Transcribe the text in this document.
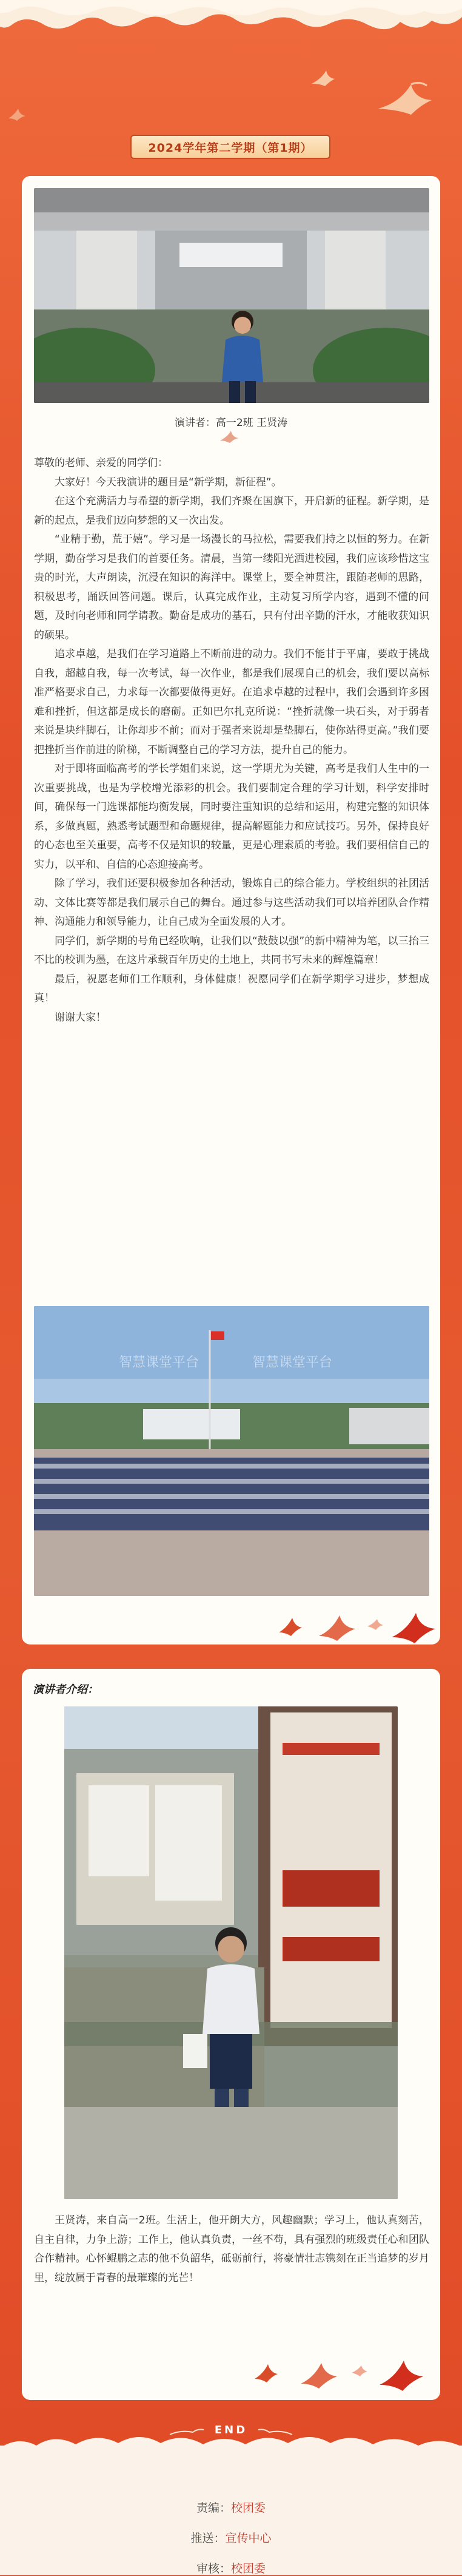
2024学年第二学期（第1期）
演讲者：高一2班 王贤涛

尊敬的老师、亲爱的同学们：

大家好！今天我演讲的题目是“新学期，新征程”。

在这个充满活力与希望的新学期，我们齐聚在国旗下，开启新的征程。新学期，是新的起点，是我们迈向梦想的又一次出发。

“业精于勤，荒于嬉”。学习是一场漫长的马拉松，需要我们持之以恒的努力。在新学期，勤奋学习是我们的首要任务。清晨，当第一缕阳光洒进校园，我们应该珍惜这宝贵的时光，大声朗读，沉浸在知识的海洋中。课堂上，要全神贯注，跟随老师的思路，积极思考，踊跃回答问题。课后，认真完成作业，主动复习所学内容，遇到不懂的问题，及时向老师和同学请教。勤奋是成功的基石，只有付出辛勤的汗水，才能收获知识的硕果。

追求卓越，是我们在学习道路上不断前进的动力。我们不能甘于平庸，要敢于挑战自我，超越自我，每一次考试，每一次作业，都是我们展现自己的机会，我们要以高标准严格要求自己，力求每一次都要做得更好。在追求卓越的过程中，我们会遇到许多困难和挫折，但这都是成长的磨砺。正如巴尔扎克所说：“挫折就像一块石头，对于弱者来说是块绊脚石，让你却步不前；而对于强者来说却是垫脚石，使你站得更高。”我们要把挫折当作前进的阶梯，不断调整自己的学习方法，提升自己的能力。

对于即将面临高考的学长学姐们来说，这一学期尤为关键，高考是我们人生中的一次重要挑战，也是为学校增光添彩的机会。我们要制定合理的学习计划，科学安排时间，确保每一门选课都能均衡发展，同时要注重知识的总结和运用，构建完整的知识体系，多做真题，熟悉考试题型和命题规律，提高解题能力和应试技巧。另外，保持良好的心态也至关重要，高考不仅是知识的较量，更是心理素质的考验。我们要相信自己的实力，以平和、自信的心态迎接高考。

除了学习，我们还要积极参加各种活动，锻炼自己的综合能力。学校组织的社团活动、文体比赛等都是我们展示自己的舞台。通过参与这些活动我们可以培养团队合作精神、沟通能力和领导能力，让自己成为全面发展的人才。

同学们，新学期的号角已经吹响，让我们以“鼓鼓以强”的新中精神为笔，以三抬三不比的校训为墨，在这片承载百年历史的土地上，共同书写未来的辉煌篇章！

最后，祝愿老师们工作顺利，身体健康！祝愿同学们在新学期学习进步，梦想成真！

谢谢大家！

智慧课堂平台	智慧课堂平台
演讲者介绍：

王贤涛，来自高一2班。生活上，他开朗大方，风趣幽默；学习上，他认真刻苦，自主自律，力争上游；工作上，他认真负责，一丝不苟，具有强烈的班级责任心和团队合作精神。心怀鲲鹏之志的他不负韶华，砥砺前行，将豪情壮志镌刻在正当追梦的岁月里，绽放属于青春的最璀璨的光芒！

END
责编：校团委
推送：宣传中心
审核：校团委
